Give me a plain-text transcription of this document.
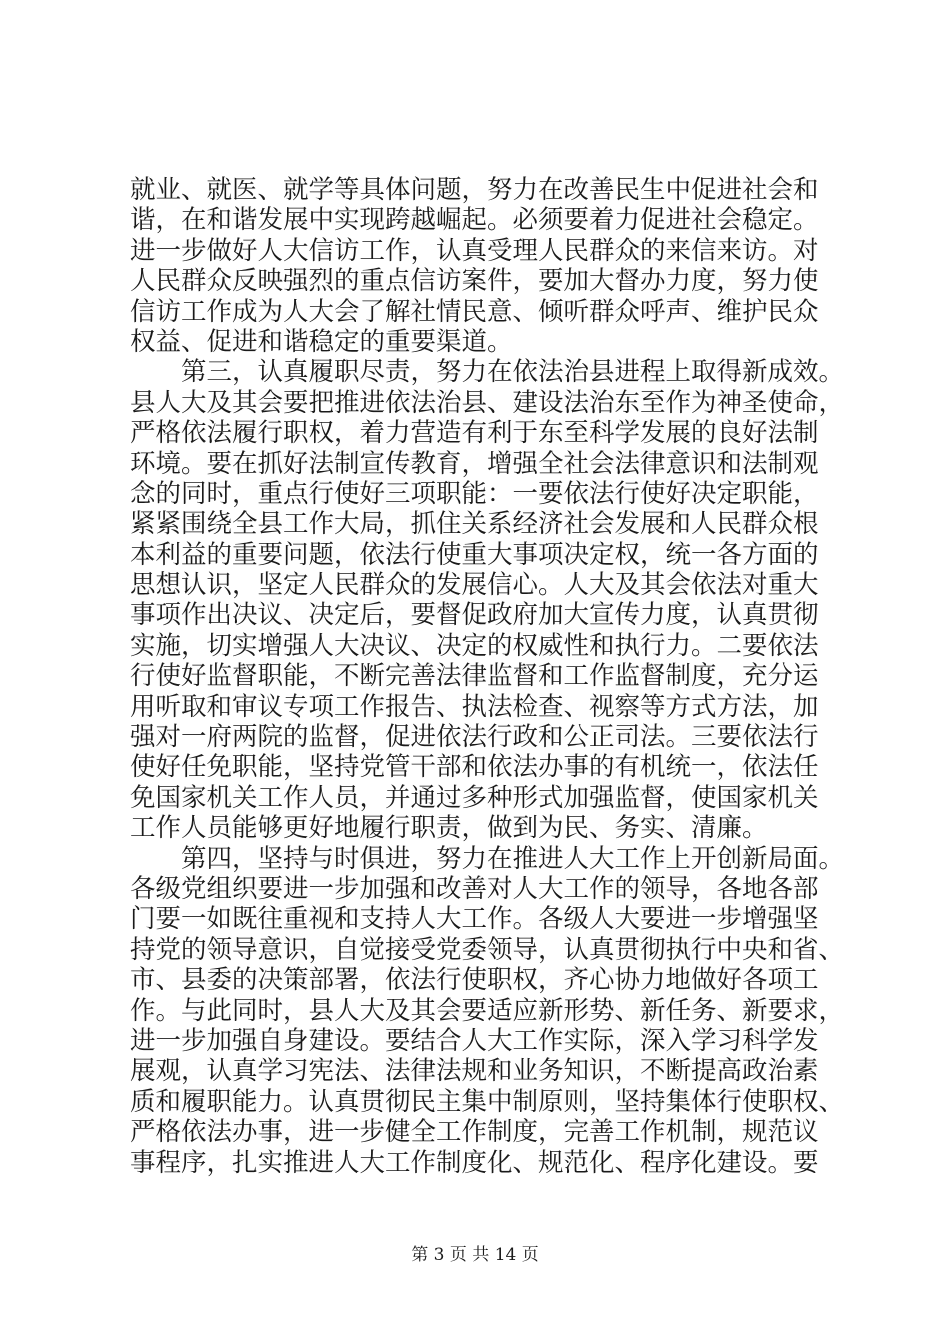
就业、就医、就学等具体问题，努力在改善民生中促进社会和
谐，在和谐发展中实现跨越崛起。必须要着力促进社会稳定。
进一步做好人大信访工作，认真受理人民群众的来信来访。对
人民群众反映强烈的重点信访案件，要加大督办力度，努力使
信访工作成为人大会了解社情民意、倾听群众呼声、维护民众
权益、促进和谐稳定的重要渠道。
　　第三，认真履职尽责，努力在依法治县进程上取得新成效。
县人大及其会要把推进依法治县、建设法治东至作为神圣使命，
严格依法履行职权，着力营造有利于东至科学发展的良好法制
环境。要在抓好法制宣传教育，增强全社会法律意识和法制观
念的同时，重点行使好三项职能：一要依法行使好决定职能，
紧紧围绕全县工作大局，抓住关系经济社会发展和人民群众根
本利益的重要问题，依法行使重大事项决定权，统一各方面的
思想认识，坚定人民群众的发展信心。人大及其会依法对重大
事项作出决议、决定后，要督促政府加大宣传力度，认真贯彻
实施，切实增强人大决议、决定的权威性和执行力。二要依法
行使好监督职能，不断完善法律监督和工作监督制度，充分运
用听取和审议专项工作报告、执法检查、视察等方式方法，加
强对一府两院的监督，促进依法行政和公正司法。三要依法行
使好任免职能，坚持党管干部和依法办事的有机统一，依法任
免国家机关工作人员，并通过多种形式加强监督，使国家机关
工作人员能够更好地履行职责，做到为民、务实、清廉。
　　第四，坚持与时俱进，努力在推进人大工作上开创新局面。
各级党组织要进一步加强和改善对人大工作的领导，各地各部
门要一如既往重视和支持人大工作。各级人大要进一步增强坚
持党的领导意识，自觉接受党委领导，认真贯彻执行中央和省、
市、县委的决策部署，依法行使职权，齐心协力地做好各项工
作。与此同时，县人大及其会要适应新形势、新任务、新要求，
进一步加强自身建设。要结合人大工作实际，深入学习科学发
展观，认真学习宪法、法律法规和业务知识，不断提高政治素
质和履职能力。认真贯彻民主集中制原则，坚持集体行使职权、
严格依法办事，进一步健全工作制度，完善工作机制，规范议
事程序，扎实推进人大工作制度化、规范化、程序化建设。要
第 3 页 共 14 页
